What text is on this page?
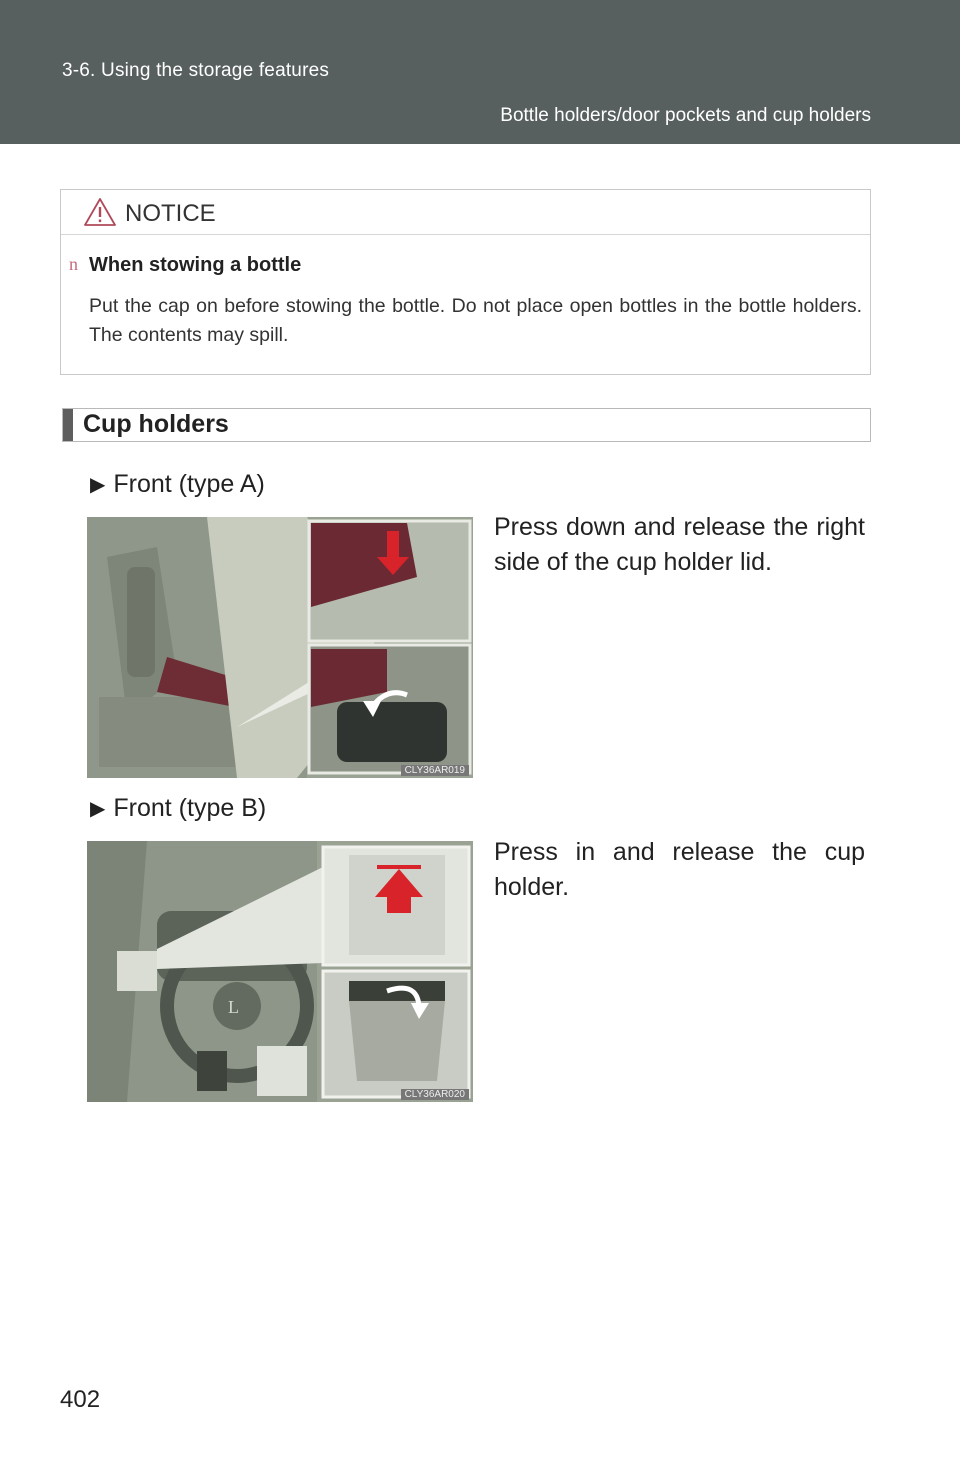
3-6. Using the storage features
Bottle holders/door pockets and cup holders
NOTICE
n When stowing a bottle
Put the cap on before stowing the bottle. Do not place open bottles in the bottle holders. The contents may spill.
Cup holders
▶ Front (type A)
CLY36AR019
Press down and release the right side of the cup holder lid.
▶ Front (type B)
L
CLY36AR020
Press in and release the cup holder.
402
